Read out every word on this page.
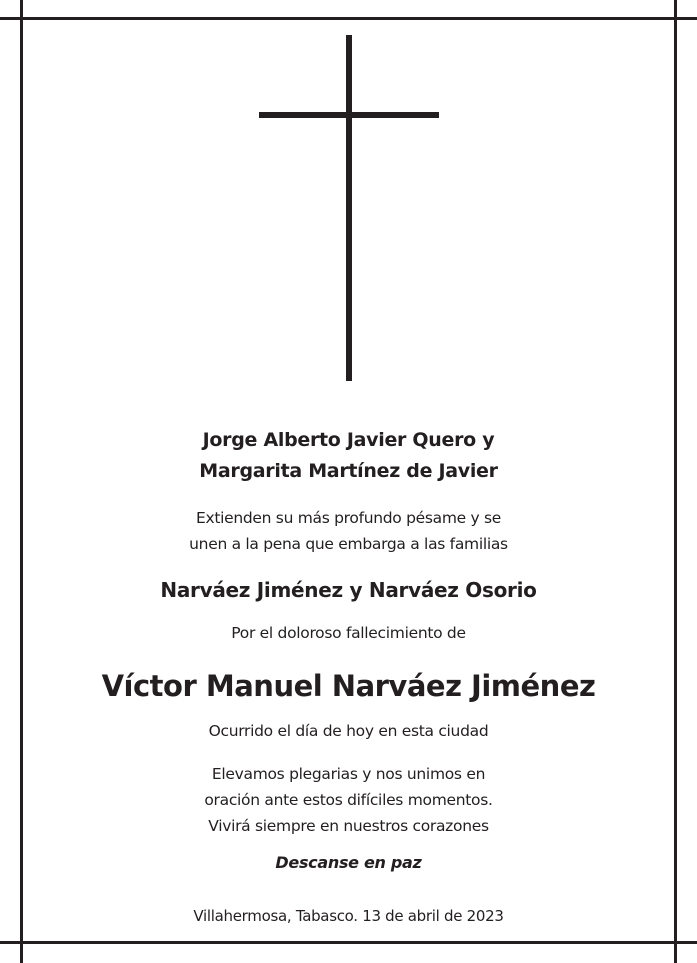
Jorge Alberto Javier Quero y
Margarita Martínez de Javier
Extienden su más profundo pésame y se
unen a la pena que embarga a las familias
Narváez Jiménez y Narváez Osorio
Por el doloroso fallecimiento de
Víctor Manuel Narváez Jiménez
Ocurrido el día de hoy en esta ciudad
Elevamos plegarias y nos unimos en
oración ante estos difíciles momentos.
Vivirá siempre en nuestros corazones
Descanse en paz
Villahermosa, Tabasco. 13 de abril de 2023
